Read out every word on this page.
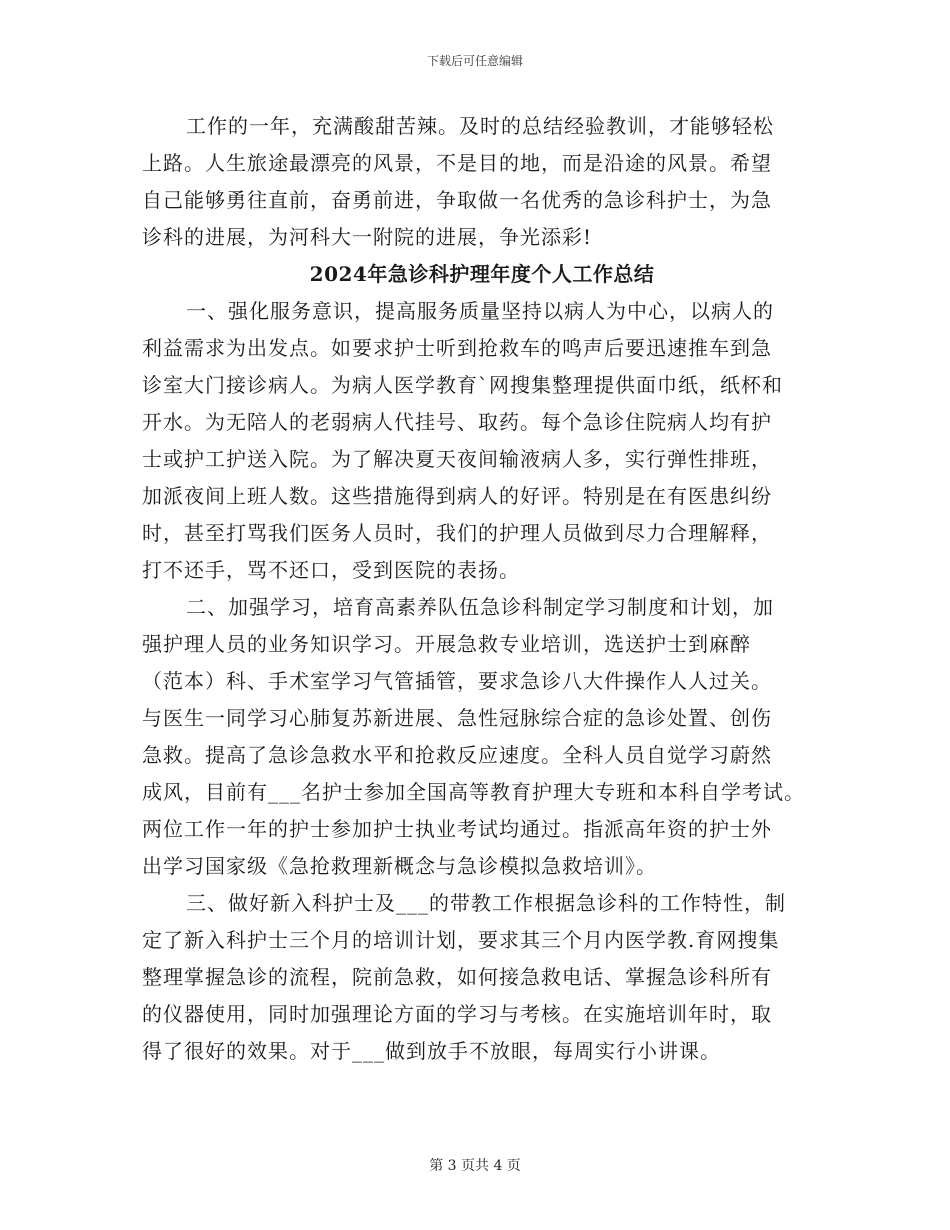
下载后可任意编辑
工作的一年，充满酸甜苦辣。及时的总结经验教训，才能够轻松
上路。人生旅途最漂亮的风景，不是目的地，而是沿途的风景。希望
自己能够勇往直前，奋勇前进，争取做一名优秀的急诊科护士，为急
诊科的进展，为河科大一附院的进展，争光添彩!
2024年急诊科护理年度个人工作总结
一、强化服务意识，提高服务质量坚持以病人为中心，以病人的
利益需求为出发点。如要求护士听到抢救车的鸣声后要迅速推车到急
诊室大门接诊病人。为病人医学教育`网搜集整理提供面巾纸，纸杯和
开水。为无陪人的老弱病人代挂号、取药。每个急诊住院病人均有护
士或护工护送入院。为了解决夏天夜间输液病人多，实行弹性排班，
加派夜间上班人数。这些措施得到病人的好评。特别是在有医患纠纷
时，甚至打骂我们医务人员时，我们的护理人员做到尽力合理解释，
打不还手，骂不还口，受到医院的表扬。
二、加强学习，培育高素养队伍急诊科制定学习制度和计划，加
强护理人员的业务知识学习。开展急救专业培训，选送护士到麻醉
（范本）科、手术室学习气管插管，要求急诊八大件操作人人过关。
与医生一同学习心肺复苏新进展、急性冠脉综合症的急诊处置、创伤
急救。提高了急诊急救水平和抢救反应速度。全科人员自觉学习蔚然
成风，目前有___名护士参加全国高等教育护理大专班和本科自学考试。
两位工作一年的护士参加护士执业考试均通过。指派高年资的护士外
出学习国家级《急抢救理新概念与急诊模拟急救培训》。
三、做好新入科护士及___的带教工作根据急诊科的工作特性，制
定了新入科护士三个月的培训计划，要求其三个月内医学教.育网搜集
整理掌握急诊的流程，院前急救，如何接急救电话、掌握急诊科所有
的仪器使用，同时加强理论方面的学习与考核。在实施培训年时，取
得了很好的效果。对于___做到放手不放眼，每周实行小讲课。
第 3 页共 4 页
